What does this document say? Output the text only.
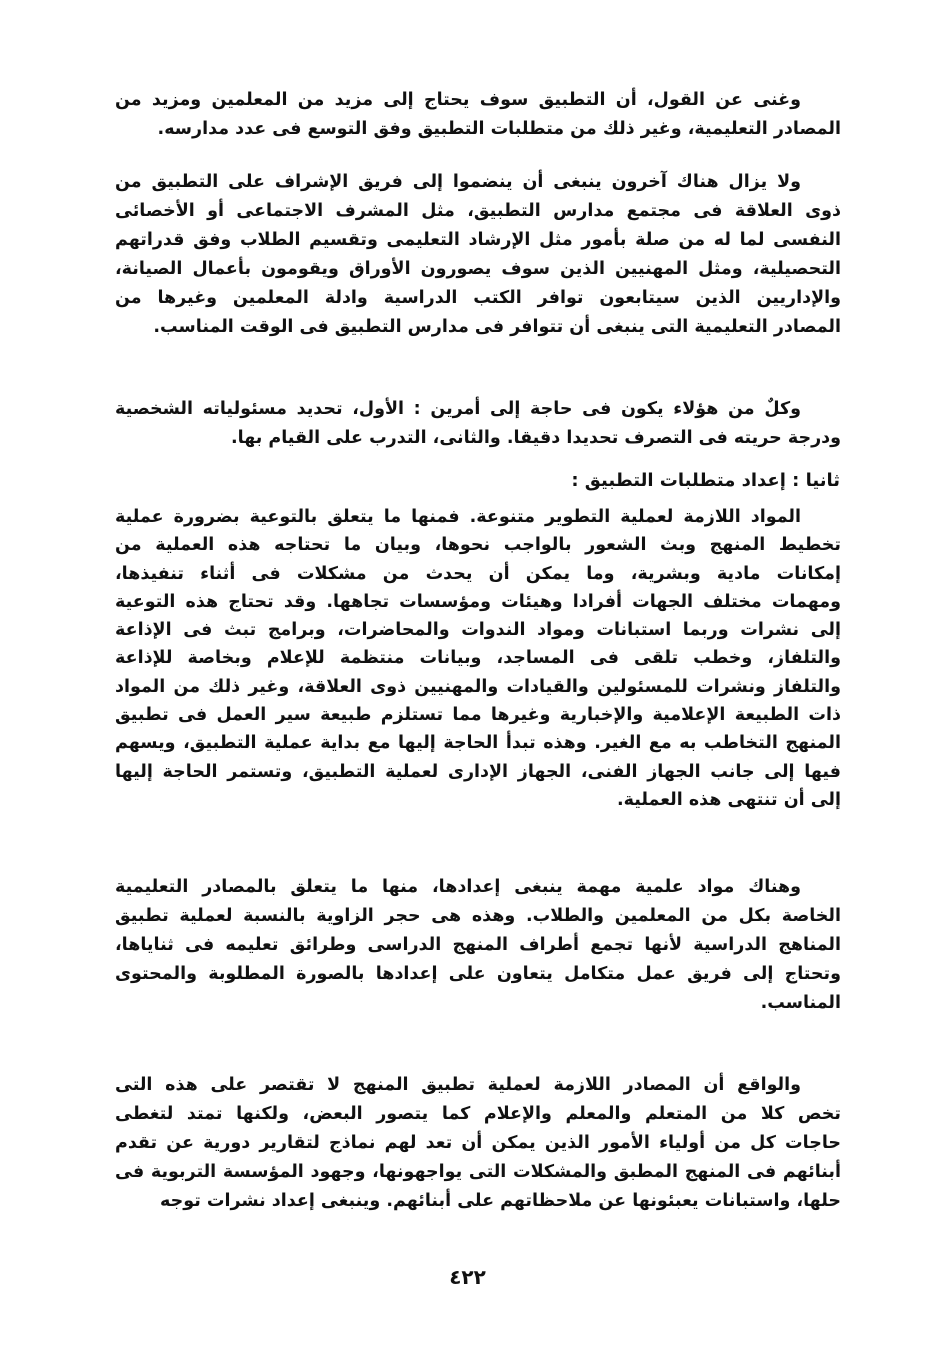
وغنى عن القول، أن التطبيق سوف يحتاج إلى مزيد من المعلمين ومزيد من
المصادر التعليمية، وغير ذلك من متطلبات التطبيق وفق التوسع فى عدد مدارسه.
ولا يزال هناك آخرون ينبغى أن ينضموا إلى فريق الإشراف على التطبيق من
ذوى العلاقة فى مجتمع مدارس التطبيق، مثل المشرف الاجتماعى أو الأخصائى
النفسى لما له من صلة بأمور مثل الإرشاد التعليمى وتقسيم الطلاب وفق قدراتهم
التحصيلية، ومثل المهنيين الذين سوف يصورون الأوراق ويقومون بأعمال الصيانة،
والإداريين الذين سيتابعون توافر الكتب الدراسية وادلة المعلمين وغيرها من
المصادر التعليمية التى ينبغى أن تتوافر فى مدارس التطبيق فى الوقت المناسب.
وكلٌ من هؤلاء يكون فى حاجة إلى أمرين : الأول، تحديد مسئولياته الشخصية
ودرجة حريته فى التصرف تحديدا دقيقا. والثانى، التدرب على القيام بها.
ثانيا : إعداد متطلبات التطبيق :
المواد اللازمة لعملية التطوير متنوعة. فمنها ما يتعلق بالتوعية بضرورة عملية
تخطيط المنهج وبث الشعور بالواجب نحوها، وبيان ما تحتاجه هذه العملية من
إمكانات مادية وبشرية، وما يمكن أن يحدث من مشكلات فى أثناء تنفيذها،
ومهمات مختلف الجهات أفرادا وهيئات ومؤسسات تجاهها. وقد تحتاج هذه التوعية
إلى نشرات وربما استبانات ومواد الندوات والمحاضرات، وبرامج تبث فى الإذاعة
والتلفاز، وخطب تلقى فى المساجد، وبيانات منتظمة للإعلام وبخاصة للإذاعة
والتلفاز ونشرات للمسئولين والقيادات والمهنيين ذوى العلاقة، وغير ذلك من المواد
ذات الطبيعة الإعلامية والإخبارية وغيرها مما تستلزم طبيعة سير العمل فى تطبيق
المنهج التخاطب به مع الغير. وهذه تبدأ الحاجة إليها مع بداية عملية التطبيق، ويسهم
فيها إلى جانب الجهاز الفنى، الجهاز الإدارى لعملية التطبيق، وتستمر الحاجة إليها
إلى أن تنتهى هذه العملية.
وهناك مواد علمية مهمة ينبغى إعدادها، منها ما يتعلق بالمصادر التعليمية
الخاصة بكل من المعلمين والطلاب. وهذه هى حجر الزاوية بالنسبة لعملية تطبيق
المناهج الدراسية لأنها تجمع أطراف المنهج الدراسى وطرائق تعليمه فى ثناياها،
وتحتاج إلى فريق عمل متكامل يتعاون على إعدادها بالصورة المطلوبة والمحتوى
المناسب.
والواقع أن المصادر اللازمة لعملية تطبيق المنهج لا تقتصر على هذه التى
تخص كلا من المتعلم والمعلم والإعلام كما يتصور البعض، ولكنها تمتد لتغطى
حاجات كل من أولياء الأمور الذين يمكن أن تعد لهم نماذج لتقارير دورية عن تقدم
أبنائهم فى المنهج المطبق والمشكلات التى يواجهونها، وجهود المؤسسة التربوية فى
حلها، واستبانات يعبئونها عن ملاحظاتهم على أبنائهم. وينبغى إعداد نشرات توجه
٤٢٢
